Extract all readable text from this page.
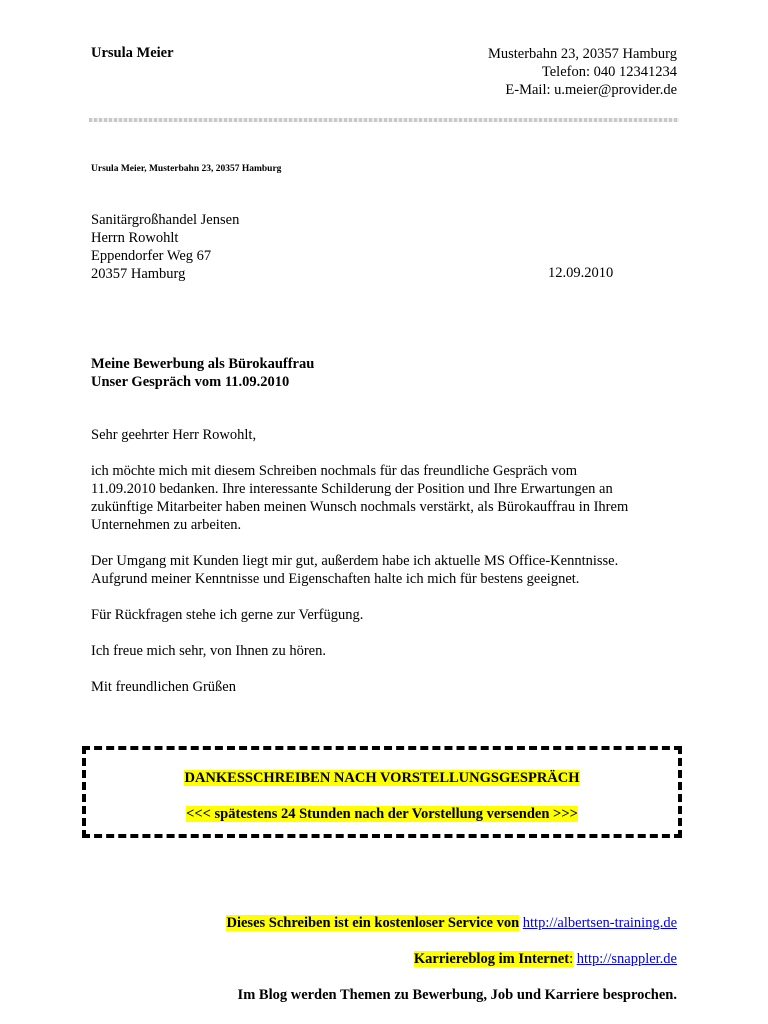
Ursula Meier	Musterbahn 23, 20357 Hamburg
Telefon: 040 12341234
E-Mail: u.meier@provider.de
Ursula Meier, Musterbahn 23, 20357 Hamburg
Sanitärgroßhandel Jensen
Herrn Rowohlt
Eppendorfer Weg 67
20357 Hamburg	12.09.2010
Meine Bewerbung als Bürokauffrau
Unser Gespräch vom 11.09.2010

Sehr geehrter Herr Rowohlt,

ich möchte mich mit diesem Schreiben nochmals für das freundliche Gespräch vom
11.09.2010 bedanken. Ihre interessante Schilderung der Position und Ihre Erwartungen an
zukünftige Mitarbeiter haben meinen Wunsch nochmals verstärkt, als Bürokauffrau in Ihrem
Unternehmen zu arbeiten.

Der Umgang mit Kunden liegt mir gut, außerdem habe ich aktuelle MS Office-Kenntnisse.
Aufgrund meiner Kenntnisse und Eigenschaften halte ich mich für bestens geeignet.

Für Rückfragen stehe ich gerne zur Verfügung.

Ich freue mich sehr, von Ihnen zu hören.

Mit freundlichen Grüßen

DANKESSCHREIBEN NACH VORSTELLUNGSGESPRÄCH
<<< spätestens 24 Stunden nach der Vorstellung versenden >>>
Dieses Schreiben ist ein kostenloser Service von http://albertsen-training.de
Karriereblog im Internet: http://snappler.de
Im Blog werden Themen zu Bewerbung, Job und Karriere besprochen.
